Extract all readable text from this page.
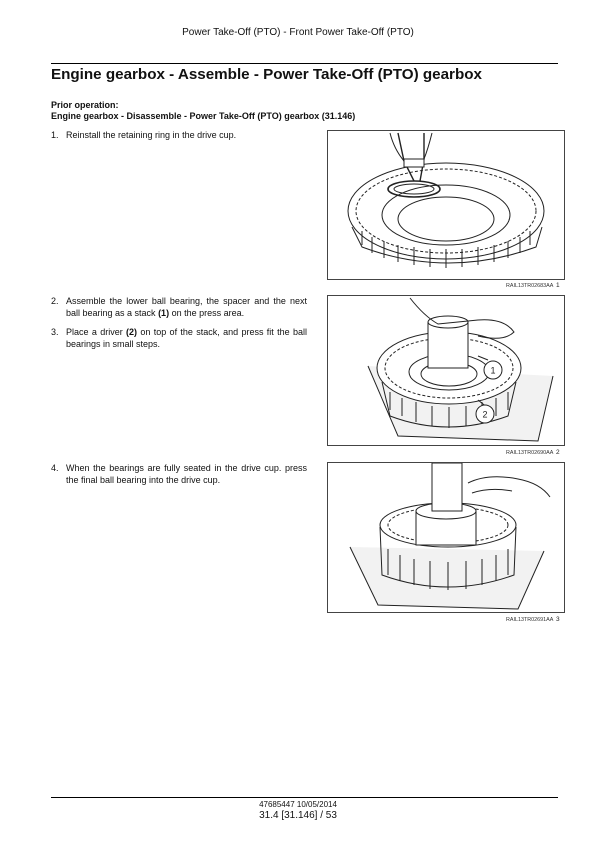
Power Take-Off (PTO) - Front Power Take-Off (PTO)
Engine gearbox - Assemble - Power Take-Off (PTO) gearbox
Prior operation:
Engine gearbox - Disassemble - Power Take-Off (PTO) gearbox (31.146)
1. Reinstall the retaining ring in the drive cup.
2. Assemble the lower ball bearing, the spacer and the next ball bearing as a stack (1) on the press area.
3. Place a driver (2) on top of the stack, and press fit the ball bearings in small steps.
4. When the bearings are fully seated in the drive cup. press the final ball bearing into the drive cup.
RAIL13TR02683AA 1
1
2
RAIL13TR02690AA 2
RAIL13TR02691AA 3
47685447 10/05/2014
31.4 [31.146] / 53
